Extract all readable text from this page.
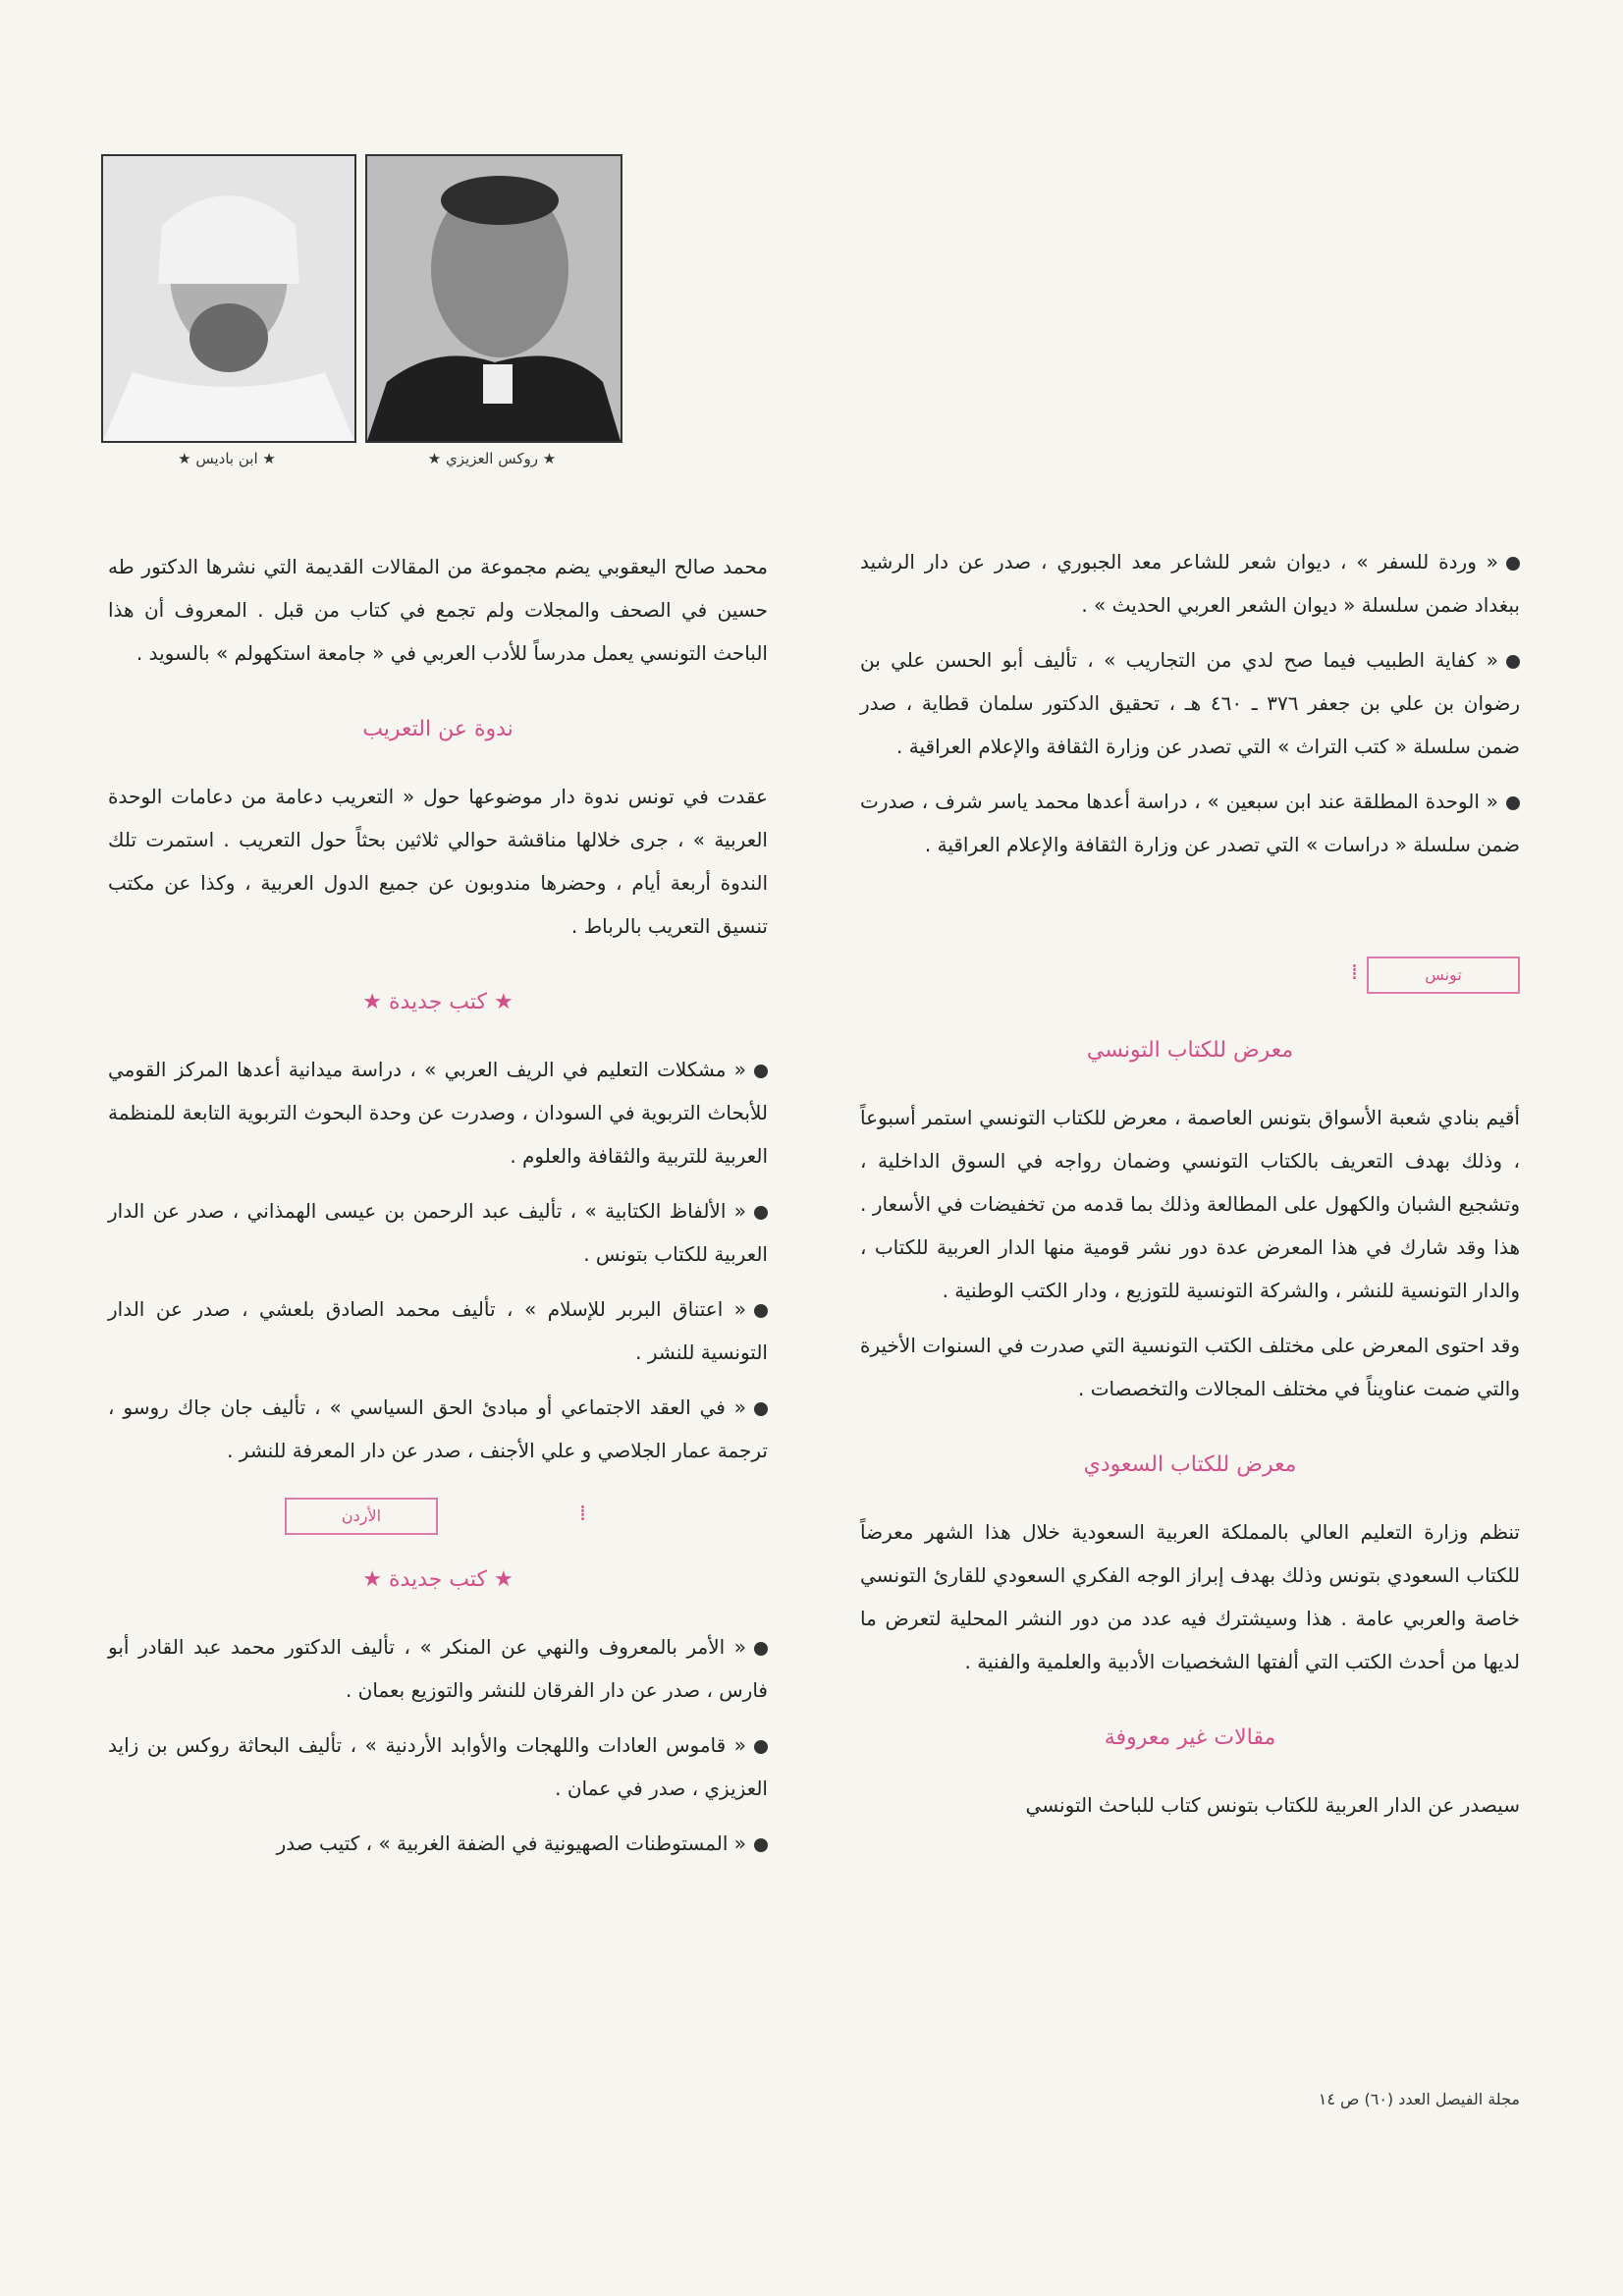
★ روكس العزيزي ★
★ ابن باديس ★

« وردة للسفر » ، ديوان شعر للشاعر معد الجبوري ، صدر عن دار الرشيد ببغداد ضمن سلسلة « ديوان الشعر العربي الحديث » .

« كفاية الطبيب فيما صح لدي من التجاريب » ، تأليف أبو الحسن علي بن رضوان بن علي بن جعفر ٣٧٦ ـ ٤٦٠ هـ ، تحقيق الدكتور سلمان قطاية ، صدر ضمن سلسلة « كتب التراث » التي تصدر عن وزارة الثقافة والإعلام العراقية .

« الوحدة المطلقة عند ابن سبعين » ، دراسة أعدها محمد ياسر شرف ، صدرت ضمن سلسلة « دراسات » التي تصدر عن وزارة الثقافة والإعلام العراقية .

تونس
⁞
معرض للكتاب التونسي

أقيم بنادي شعبة الأسواق بتونس العاصمة ، معرض للكتاب التونسي استمر أسبوعاً ، وذلك بهدف التعريف بالكتاب التونسي وضمان رواجه في السوق الداخلية ، وتشجيع الشبان والكهول على المطالعة وذلك بما قدمه من تخفيضات في الأسعار . هذا وقد شارك في هذا المعرض عدة دور نشر قومية منها الدار العربية للكتاب ، والدار التونسية للنشر ، والشركة التونسية للتوزيع ، ودار الكتب الوطنية .

وقد احتوى المعرض على مختلف الكتب التونسية التي صدرت في السنوات الأخيرة والتي ضمت عناويناً في مختلف المجالات والتخصصات .

معرض للكتاب السعودي

تنظم وزارة التعليم العالي بالمملكة العربية السعودية خلال هذا الشهر معرضاً للكتاب السعودي بتونس وذلك بهدف إبراز الوجه الفكري السعودي للقارئ التونسي خاصة والعربي عامة . هذا وسيشترك فيه عدد من دور النشر المحلية لتعرض ما لديها من أحدث الكتب التي ألفتها الشخصيات الأدبية والعلمية والفنية .

مقالات غير معروفة

سيصدر عن الدار العربية للكتاب بتونس كتاب للباحث التونسي

محمد صالح اليعقوبي يضم مجموعة من المقالات القديمة التي نشرها الدكتور طه حسين في الصحف والمجلات ولم تجمع في كتاب من قبل . المعروف أن هذا الباحث التونسي يعمل مدرساً للأدب العربي في « جامعة استكهولم » بالسويد .

ندوة عن التعريب

عقدت في تونس ندوة دار موضوعها حول « التعريب دعامة من دعامات الوحدة العربية » ، جرى خلالها مناقشة حوالي ثلاثين بحثاً حول التعريب . استمرت تلك الندوة أربعة أيام ، وحضرها مندوبون عن جميع الدول العربية ، وكذا عن مكتب تنسيق التعريب بالرباط .

★ كتب جديدة ★

« مشكلات التعليم في الريف العربي » ، دراسة ميدانية أعدها المركز القومي للأبحاث التربوية في السودان ، وصدرت عن وحدة البحوث التربوية التابعة للمنظمة العربية للتربية والثقافة والعلوم .

« الألفاظ الكتابية » ، تأليف عبد الرحمن بن عيسى الهمذاني ، صدر عن الدار العربية للكتاب بتونس .

« اعتناق البربر للإسلام » ، تأليف محمد الصادق بلعشي ، صدر عن الدار التونسية للنشر .

« في العقد الاجتماعي أو مبادئ الحق السياسي » ، تأليف جان جاك روسو ، ترجمة عمار الجلاصي و علي الأجنف ، صدر عن دار المعرفة للنشر .

الأردن	⁞
★ كتب جديدة ★

« الأمر بالمعروف والنهي عن المنكر » ، تأليف الدكتور محمد عبد القادر أبو فارس ، صدر عن دار الفرقان للنشر والتوزيع بعمان .

« قاموس العادات واللهجات والأوابد الأردنية » ، تأليف البحاثة روكس بن زايد العزيزي ، صدر في عمان .

« المستوطنات الصهيونية في الضفة الغربية » ، كتيب صدر

مجلة الفيصل العدد (٦٠) ص ١٤
